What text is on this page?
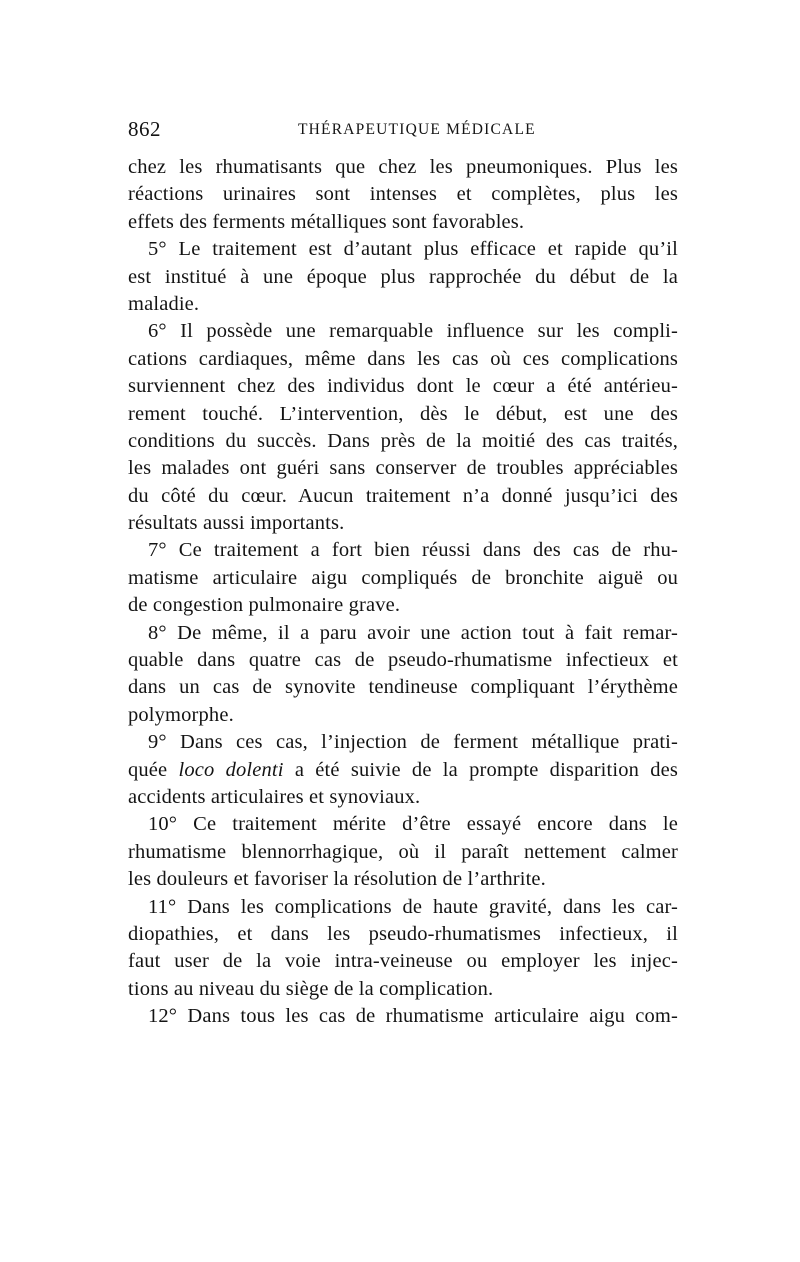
862	THÉRAPEUTIQUE MÉDICALE
chez les rhumatisants que chez les pneumoniques. Plus les
réactions urinaires sont intenses et complètes, plus les
effets des ferments métalliques sont favorables.
5° Le traitement est d’autant plus efficace et rapide qu’il
est institué à une époque plus rapprochée du début de la
maladie.
6° Il possède une remarquable influence sur les compli-
cations cardiaques, même dans les cas où ces complications
surviennent chez des individus dont le cœur a été antérieu-
rement touché. L’intervention, dès le début, est une des
conditions du succès. Dans près de la moitié des cas traités,
les malades ont guéri sans conserver de troubles appréciables
du côté du cœur. Aucun traitement n’a donné jusqu’ici des
résultats aussi importants.
7° Ce traitement a fort bien réussi dans des cas de rhu-
matisme articulaire aigu compliqués de bronchite aiguë ou
de congestion pulmonaire grave.
8° De même, il a paru avoir une action tout à fait remar-
quable dans quatre cas de pseudo-rhumatisme infectieux et
dans un cas de synovite tendineuse compliquant l’érythème
polymorphe.
9° Dans ces cas, l’injection de ferment métallique prati-
quée loco dolenti a été suivie de la prompte disparition des
accidents articulaires et synoviaux.
10° Ce traitement mérite d’être essayé encore dans le
rhumatisme blennorrhagique, où il paraît nettement calmer
les douleurs et favoriser la résolution de l’arthrite.
11° Dans les complications de haute gravité, dans les car-
diopathies, et dans les pseudo-rhumatismes infectieux, il
faut user de la voie intra-veineuse ou employer les injec-
tions au niveau du siège de la complication.
12° Dans tous les cas de rhumatisme articulaire aigu com-
